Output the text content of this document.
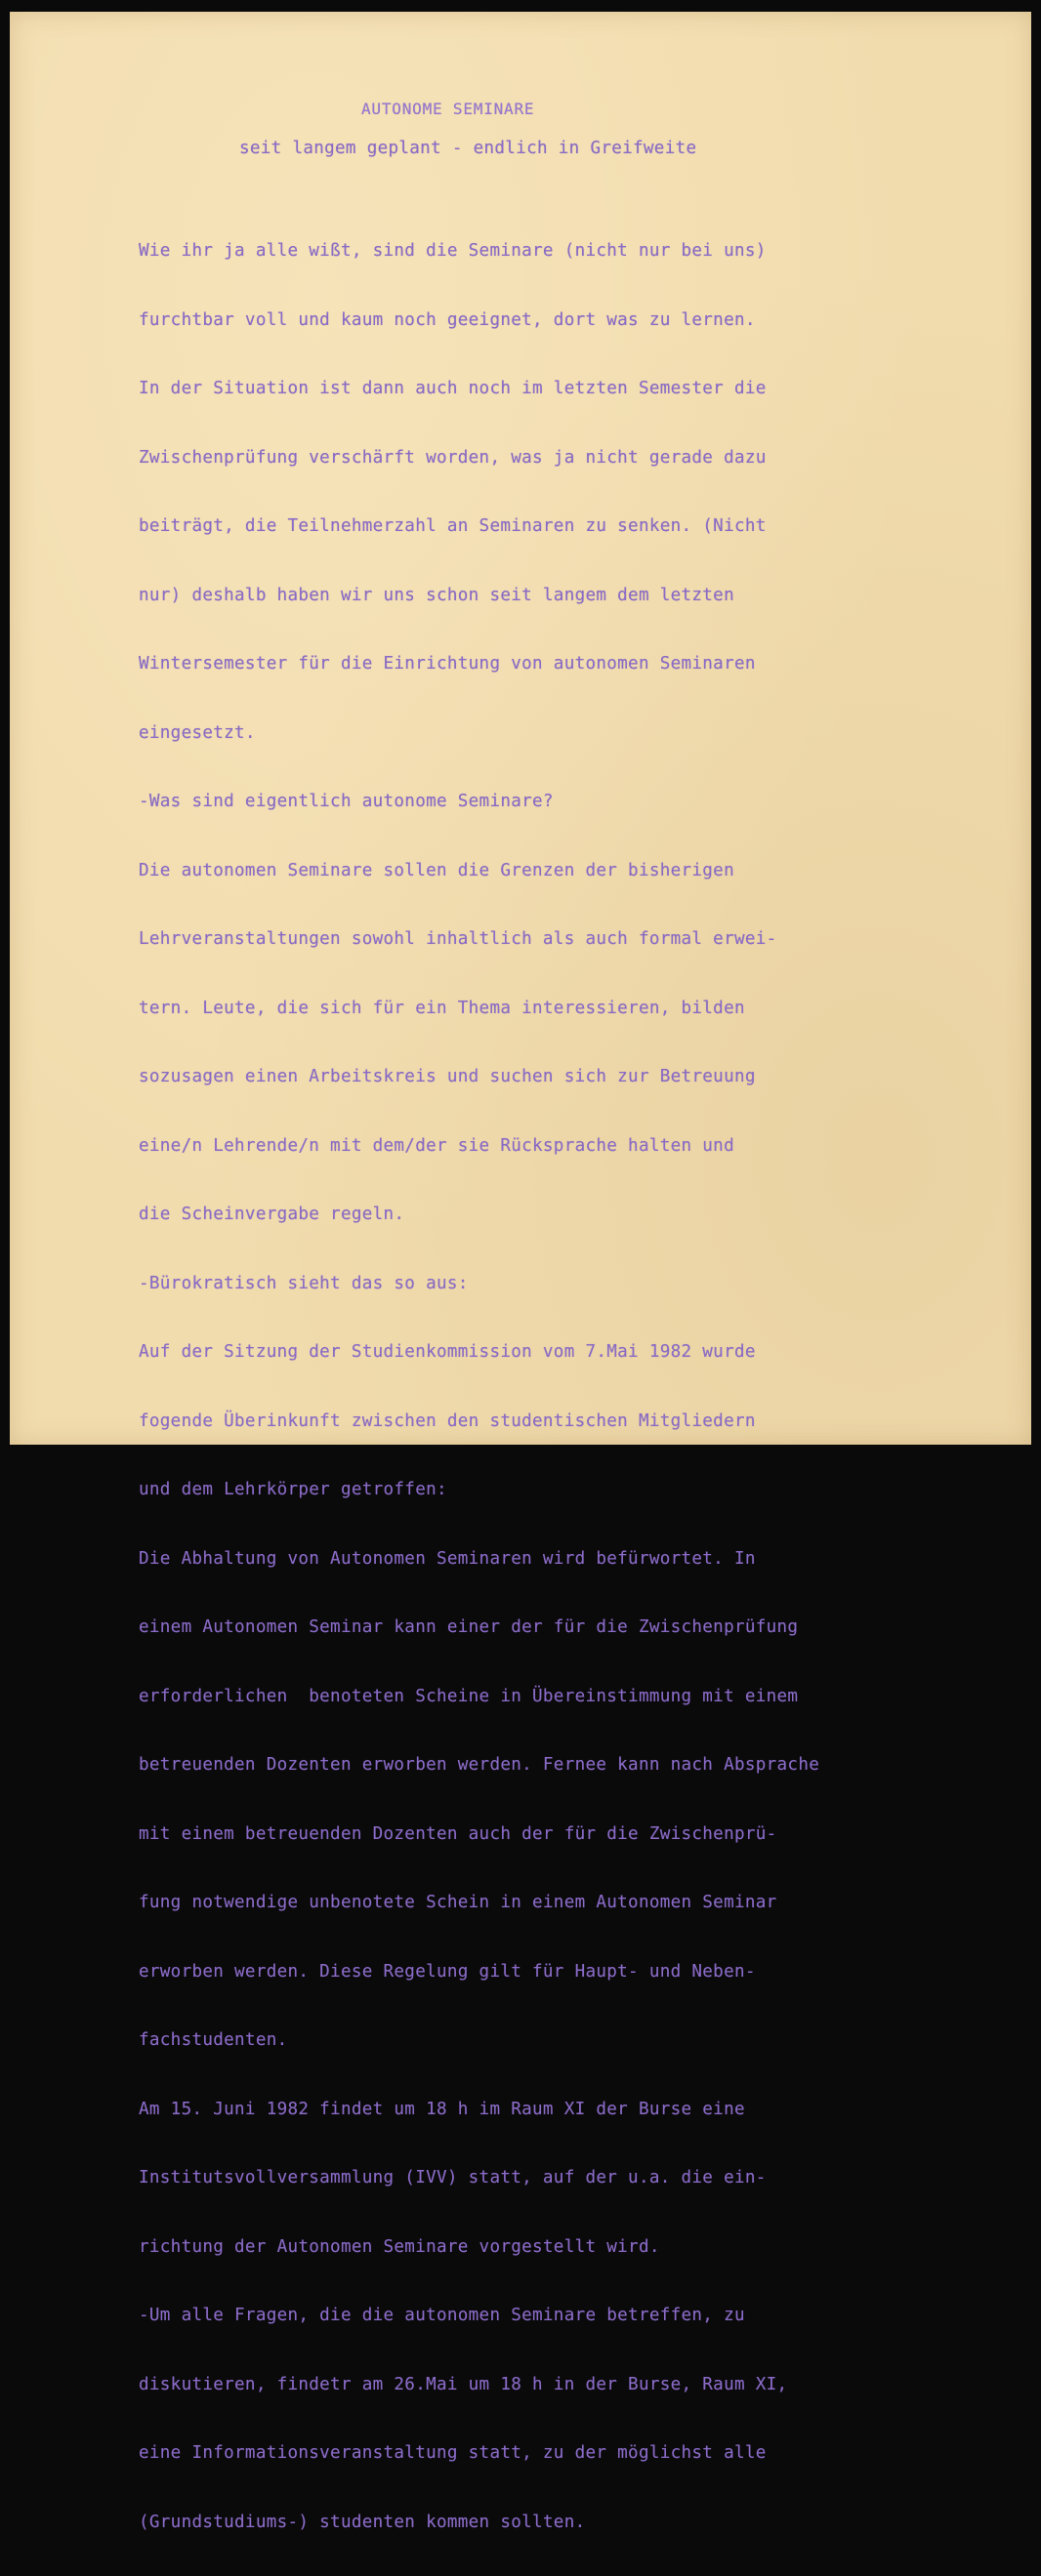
AUTONOME SEMINARE
seit langem geplant - endlich in Greifweite

Wie ihr ja alle wißt, sind die Seminare (nicht nur bei uns)

furchtbar voll und kaum noch geeignet, dort was zu lernen.

In der Situation ist dann auch noch im letzten Semester die

Zwischenprüfung verschärft worden, was ja nicht gerade dazu

beiträgt, die Teilnehmerzahl an Seminaren zu senken. (Nicht

nur) deshalb haben wir uns schon seit langem dem letzten

Wintersemester für die Einrichtung von autonomen Seminaren

eingesetzt.

-Was sind eigentlich autonome Seminare?

Die autonomen Seminare sollen die Grenzen der bisherigen

Lehrveranstaltungen sowohl inhaltlich als auch formal erwei-

tern. Leute, die sich für ein Thema interessieren, bilden

sozusagen einen Arbeitskreis und suchen sich zur Betreuung

eine/n Lehrende/n mit dem/der sie Rücksprache halten und

die Scheinvergabe regeln.

-Bürokratisch sieht das so aus:

Auf der Sitzung der Studienkommission vom 7.Mai 1982 wurde

fogende Überinkunft zwischen den studentischen Mitgliedern

und dem Lehrkörper getroffen:

Die Abhaltung von Autonomen Seminaren wird befürwortet. In

einem Autonomen Seminar kann einer der für die Zwischenprüfung

erforderlichen  benoteten Scheine in Übereinstimmung mit einem

betreuenden Dozenten erworben werden. Fernee kann nach Absprache

mit einem betreuenden Dozenten auch der für die Zwischenprü-

fung notwendige unbenotete Schein in einem Autonomen Seminar

erworben werden. Diese Regelung gilt für Haupt- und Neben-

fachstudenten.

Am 15. Juni 1982 findet um 18 h im Raum XI der Burse eine

Institutsvollversammlung (IVV) statt, auf der u.a. die ein-

richtung der Autonomen Seminare vorgestellt wird.

-Um alle Fragen, die die autonomen Seminare betreffen, zu

diskutieren, findetr am 26.Mai um 18 h in der Burse, Raum XI,

eine Informationsveranstaltung statt, zu der möglichst alle

(Grundstudiums-) studenten kommen sollten.
